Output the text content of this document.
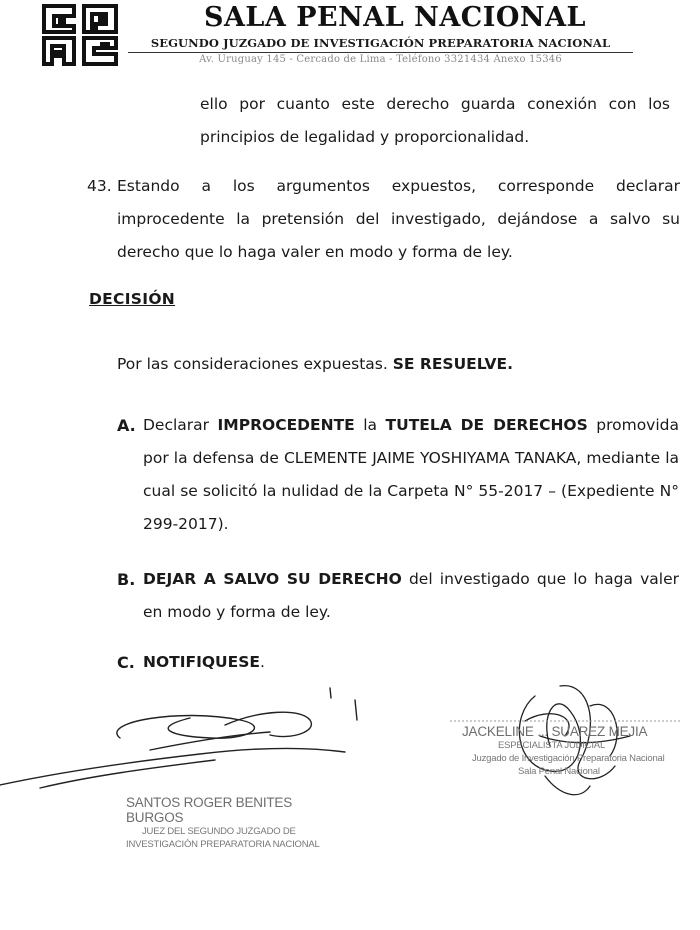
SALA PENAL NACIONAL
SEGUNDO JUZGADO DE INVESTIGACIÓN PREPARATORIA NACIONAL
Av. Uruguay 145 - Cercado de Lima - Teléfono 3321434 Anexo 15346

ello por cuanto este derecho guarda conexión con los principios de legalidad y proporcionalidad.

43. Estando a los argumentos expuestos, corresponde declarar improcedente la pretensión del investigado, dejándose a salvo su derecho que lo haga valer en modo y forma de ley.

DECISIÓN

Por las consideraciones expuestas. SE RESUELVE.

A. Declarar IMPROCEDENTE la TUTELA DE DERECHOS promovida por la defensa de CLEMENTE JAIME YOSHIYAMA TANAKA, mediante la cual se solicitó la nulidad de la Carpeta N° 55-2017 – (Expediente N° 299-2017).

B. DEJAR A SALVO SU DERECHO del investigado que lo haga valer en modo y forma de ley.

C. NOTIFIQUESE.

SANTOS ROGER BENITES BURGOS
JUEZ DEL SEGUNDO JUZGADO DE
INVESTIGACIÓN PREPARATORIA NACIONAL
JACKELINE ... SUAREZ MEJIA
ESPECIALISTA JUDICIAL
Juzgado de Investigación Preparatoria Nacional
Sala Penal Nacional
